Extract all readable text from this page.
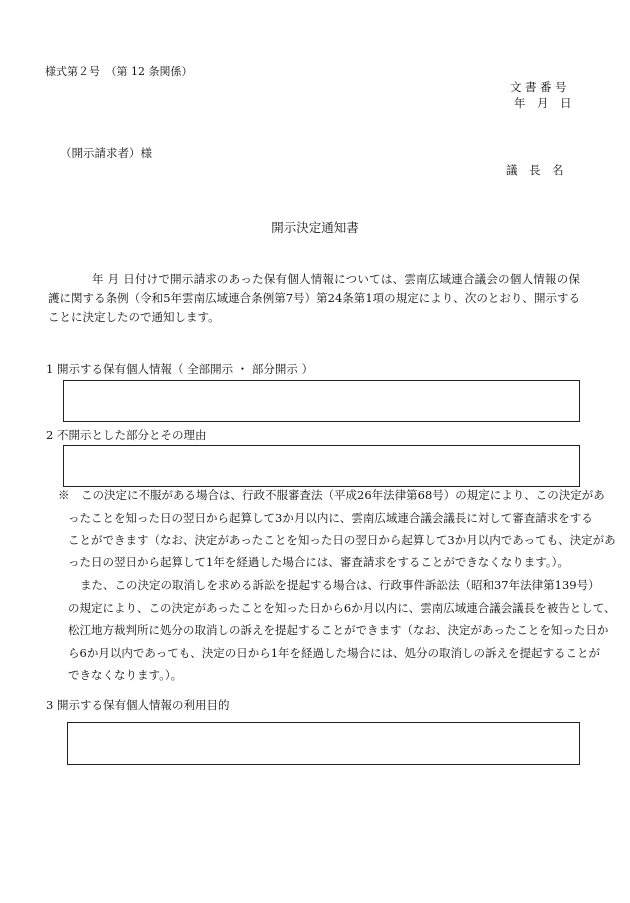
様式第２号　（第 12 条関係）
文書番号
年　月　日
（開示請求者）様
議　長　名
開示決定通知書
年 月 日付けで開示請求のあった保有個人情報については、雲南広域連合議会の個人情報の保護に関する条例（令和5年雲南広域連合条例第7号）第24条第1項の規定により、次のとおり、開示することに決定したので通知します。
1 開示する保有個人情報（ 全部開示 ・ 部分開示 ）
2 不開示とした部分とその理由
※　この決定に不服がある場合は、行政不服審査法（平成26年法律第68号）の規定により、この決定があ
ったことを知った日の翌日から起算して3か月以内に、雲南広域連合議会議長に対して審査請求をする
ことができます（なお、決定があったことを知った日の翌日から起算して3か月以内であっても、決定があ
った日の翌日から起算して1年を経過した場合には、審査請求をすることができなくなります。）。
また、この決定の取消しを求める訴訟を提起する場合は、行政事件訴訟法（昭和37年法律第139号）
の規定により、この決定があったことを知った日から6か月以内に、雲南広域連合議会議長を被告として、
松江地方裁判所に処分の取消しの訴えを提起することができます（なお、決定があったことを知った日か
ら6か月以内であっても、決定の日から1年を経過した場合には、処分の取消しの訴えを提起することが
できなくなります。）。
3 開示する保有個人情報の利用目的
